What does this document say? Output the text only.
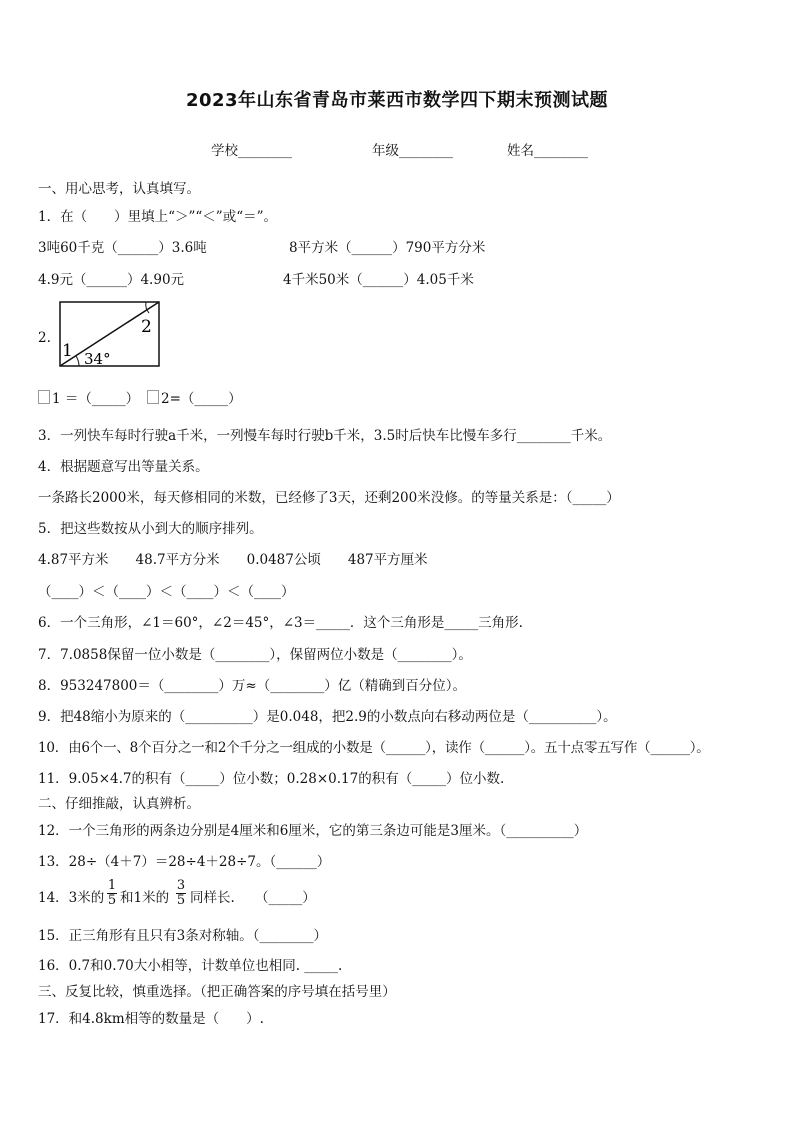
2023年山东省青岛市莱西市数学四下期末预测试题
学校________	年级________	姓名________
一、用心思考，认真填写。
1．在（　　）里填上“＞”“＜”或“＝”。
3吨60千克（______）3.6吨	8平方米（______）790平方分米
4.9元（______）4.90元	4千米50米（______）4.05千米
2.
1
2
34°
1 ＝（_____）	2=（_____）
3．一列快车每时行驶a千米，一列慢车每时行驶b千米，3.5时后快车比慢车多行________千米。
4．根据题意写出等量关系。
一条路长2000米，每天修相同的米数，已经修了3天，还剩200米没修。的等量关系是：（_____）
5．把这些数按从小到大的顺序排列。
4.87平方米　　48.7平方分米　　0.0487公顷　　487平方厘米
（____）＜（____）＜（____）＜（____）
6．一个三角形，∠1＝60°，∠2＝45°，∠3＝_____．这个三角形是_____三角形.
7．7.0858保留一位小数是（________），保留两位小数是（________）。
8．953247800＝（________）万≈（________）亿（精确到百分位）。
9．把48缩小为原来的（__________）是0.048，把2.9的小数点向右移动两位是（__________）。
10．由6个一、8个百分之一和2个千分之一组成的小数是（______），读作（______）。五十点零五写作（______）。
11．9.05×4.7的积有（_____）位小数；0.28×0.17的积有（_____）位小数.
二、仔细推敲，认真辨析。
12．一个三角形的两条边分别是4厘米和6厘米，它的第三条边可能是3厘米。（__________）
13．28÷（4＋7）＝28÷4＋28÷7。（______）
14．3米的
1
5 和1米的
3
5 同样长.　　（_____）
15．正三角形有且只有3条对称轴。（________）
16．0.7和0.70大小相等，计数单位也相同. _____.
三、反复比较，慎重选择。（把正确答案的序号填在括号里）
17．和4.8km相等的数量是（　　）.
